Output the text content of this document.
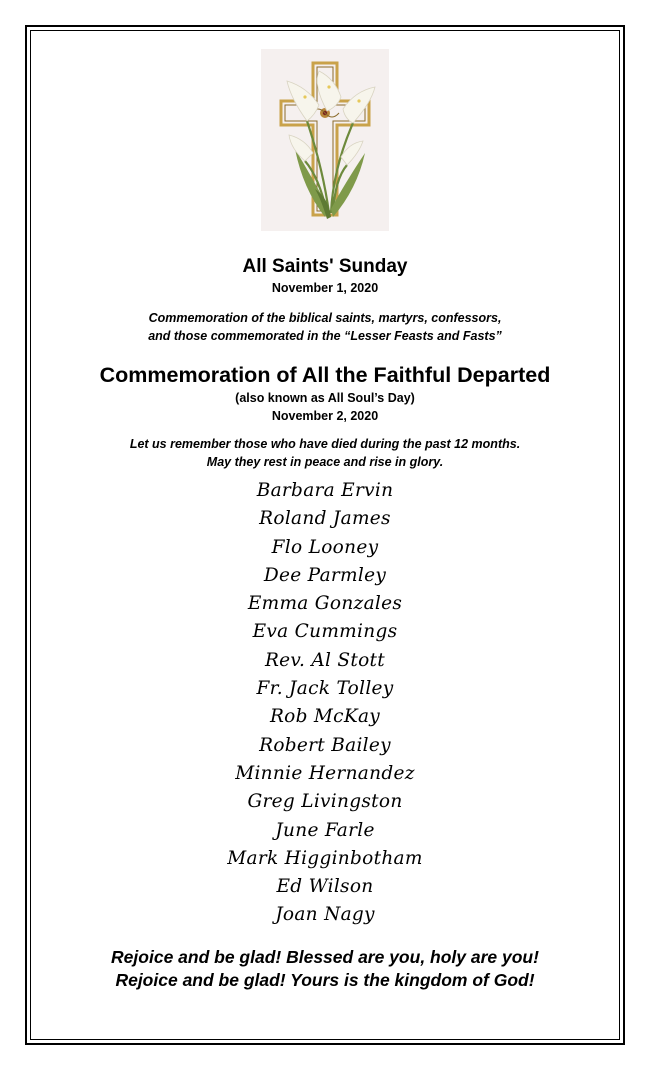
All Saints' Sunday
November 1, 2020
Commemoration of the biblical saints, martyrs, confessors,
and those commemorated in the “Lesser Feasts and Fasts”
Commemoration of All the Faithful Departed
(also known as All Soul’s Day)
November 2, 2020
Let us remember those who have died during the past 12 months.
May they rest in peace and rise in glory.
Barbara Ervin
Roland James
Flo Looney
Dee Parmley
Emma Gonzales
Eva Cummings
Rev. Al Stott
Fr. Jack Tolley
Rob McKay
Robert Bailey
Minnie Hernandez
Greg Livingston
June Farle
Mark Higginbotham
Ed Wilson
Joan Nagy
Rejoice and be glad! Blessed are you, holy are you!
Rejoice and be glad! Yours is the kingdom of God!
